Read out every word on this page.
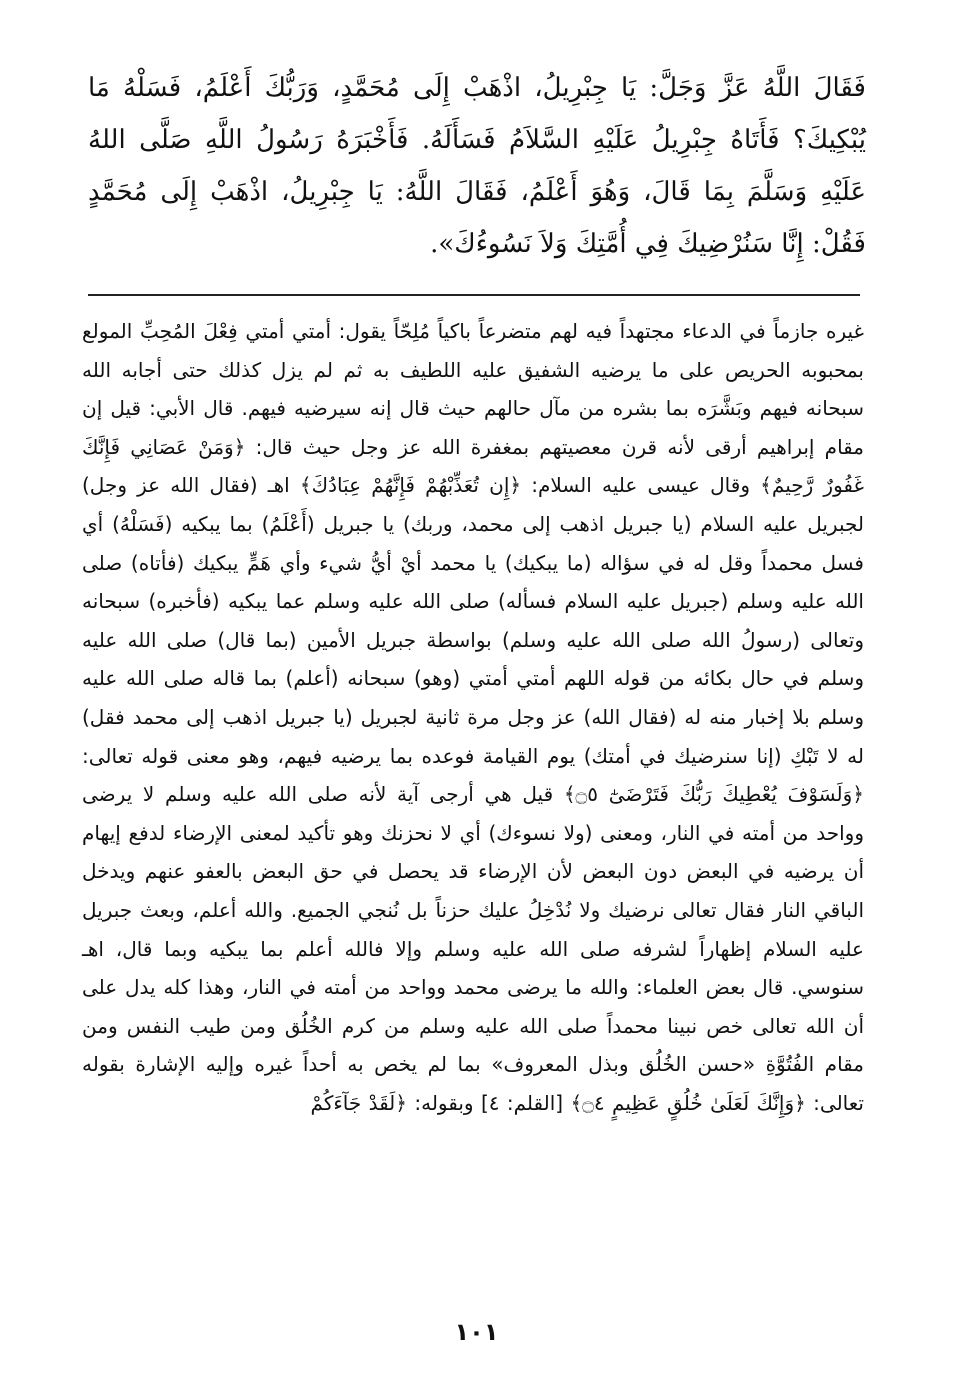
فَقَالَ اللَّهُ عَزَّ وَجَلَّ: يَا جِبْرِيلُ، اذْهَبْ إِلَى مُحَمَّدٍ، وَرَبُّكَ أَعْلَمُ، فَسَلْهُ مَا يُبْكِيكَ؟ فَأَتَاهُ جِبْرِيلُ عَلَيْهِ السَّلاَمُ فَسَأَلَهُ. فَأَخْبَرَهُ رَسُولُ اللَّهِ صَلَّى اللهُ عَلَيْهِ وَسَلَّمَ بِمَا قَالَ، وَهُوَ أَعْلَمُ، فَقَالَ اللَّهُ: يَا جِبْرِيلُ، اذْهَبْ إِلَى مُحَمَّدٍ فَقُلْ: إِنَّا سَنُرْضِيكَ فِي أُمَّتِكَ وَلاَ نَسُوءُكَ».

غيره جازماً في الدعاء مجتهداً فيه لهم متضرعاً باكياً مُلِحّاً يقول: أمتي أمتي فِعْلَ المُحِبِّ المولع بمحبوبه الحريص على ما يرضيه الشفيق عليه اللطيف به ثم لم يزل كذلك حتى أجابه الله سبحانه فيهم وبَشَّرَه بما بشره من مآل حالهم حيث قال إنه سيرضيه فيهم. قال الأبي: قيل إن مقام إبراهيم أرقى لأنه قرن معصيتهم بمغفرة الله عز وجل حيث قال: ﴿وَمَنْ عَصَانِي فَإِنَّكَ غَفُورٌ رَّحِيمٌ﴾ وقال عيسى عليه السلام: ﴿إِن تُعَذِّبْهُمْ فَإِنَّهُمْ عِبَادُكَ﴾ اهـ (فقال الله عز وجل) لجبريل عليه السلام (يا جبريل اذهب إلى محمد، وربك) يا جبريل (أَعْلَمُ) بما يبكيه (فَسَلْهُ) أي فسل محمداً وقل له في سؤاله (ما يبكيك) يا محمد أيْ أيُّ شيء وأي هَمٍّ يبكيك (فأتاه) صلى الله عليه وسلم (جبريل عليه السلام فسأله) صلى الله عليه وسلم عما يبكيه (فأخبره) سبحانه وتعالى (رسولُ الله صلى الله عليه وسلم) بواسطة جبريل الأمين (بما قال) صلى الله عليه وسلم في حال بكائه من قوله اللهم أمتي أمتي (وهو) سبحانه (أعلم) بما قاله صلى الله عليه وسلم بلا إخبار منه له (فقال الله) عز وجل مرة ثانية لجبريل (يا جبريل اذهب إلى محمد فقل) له لا تَبْكِ (إنا سنرضيك في أمتك) يوم القيامة فوعده بما يرضيه فيهم، وهو معنى قوله تعالى: ﴿وَلَسَوْفَ يُعْطِيكَ رَبُّكَ فَتَرْضَىٰٓ ۝٥﴾ قيل هي أرجى آية لأنه صلى الله عليه وسلم لا يرضى وواحد من أمته في النار، ومعنى (ولا نسوءك) أي لا نحزنك وهو تأكيد لمعنى الإرضاء لدفع إيهام أن يرضيه في البعض دون البعض لأن الإرضاء قد يحصل في حق البعض بالعفو عنهم ويدخل الباقي النار فقال تعالى نرضيك ولا نُدْخِلُ عليك حزناً بل نُنجي الجميع. والله أعلم، وبعث جبريل عليه السلام إظهاراً لشرفه صلى الله عليه وسلم وإلا فالله أعلم بما يبكيه وبما قال، اهـ سنوسي. قال بعض العلماء: والله ما يرضى محمد وواحد من أمته في النار، وهذا كله يدل على أن الله تعالى خص نبينا محمداً صلى الله عليه وسلم من كرم الخُلُق ومن طيب النفس ومن مقام الفُتُوَّةِ «حسن الخُلُق وبذل المعروف» بما لم يخص به أحداً غيره وإليه الإشارة بقوله تعالى: ﴿وَإِنَّكَ لَعَلَىٰ خُلُقٍ عَظِيمٍ ۝٤﴾ [القلم: ٤] وبقوله: ﴿لَقَدْ جَآءَكُمْ

١٠١
